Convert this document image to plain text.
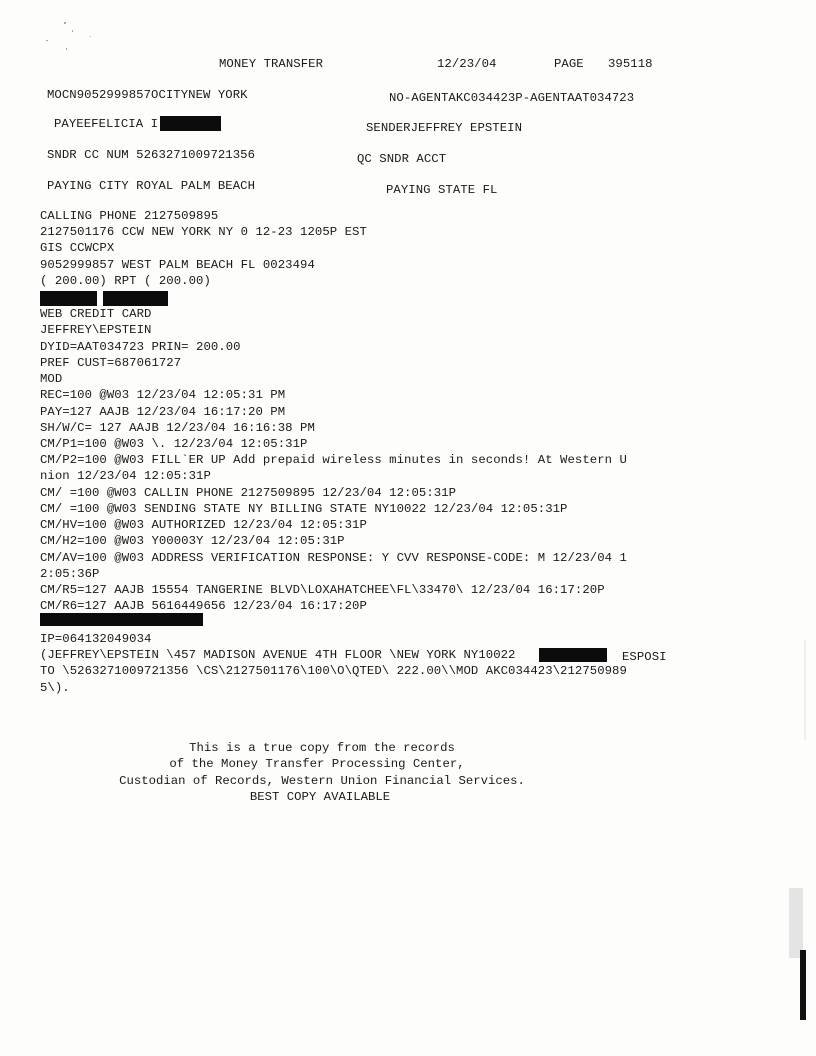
MONEY TRANSFER	12/23/04	PAGE 395118
MOCN9052999857OCITYNEW YORK	NO-AGENTAKC034423P-AGENTAAT034723
PAYEEFELICIA I	SENDERJEFFREY EPSTEIN
SNDR CC NUM 5263271009721356	QC SNDR ACCT
PAYING CITY ROYAL PALM BEACH	PAYING STATE FL
CALLING PHONE 2127509895
2127501176 CCW NEW YORK NY 0 12-23 1205P EST
GIS CCWCPX
9052999857 WEST PALM BEACH FL 0023494
( 200.00) RPT ( 200.00)
WEB CREDIT CARD
JEFFREY\EPSTEIN
DYID=AAT034723 PRIN= 200.00
PREF CUST=687061727
MOD
REC=100 @W03 12/23/04 12:05:31 PM
PAY=127 AAJB 12/23/04 16:17:20 PM
SH/W/C= 127 AAJB 12/23/04 16:16:38 PM
CM/P1=100 @W03 \. 12/23/04 12:05:31P
CM/P2=100 @W03 FILL`ER UP Add prepaid wireless minutes in seconds! At Western U
nion 12/23/04 12:05:31P
CM/ =100 @W03 CALLIN PHONE 2127509895 12/23/04 12:05:31P
CM/ =100 @W03 SENDING STATE NY BILLING STATE NY10022 12/23/04 12:05:31P
CM/HV=100 @W03 AUTHORIZED 12/23/04 12:05:31P
CM/H2=100 @W03 Y00003Y 12/23/04 12:05:31P
CM/AV=100 @W03 ADDRESS VERIFICATION RESPONSE: Y CVV RESPONSE-CODE: M 12/23/04 1
2:05:36P
CM/R5=127 AAJB 15554 TANGERINE BLVD\LOXAHATCHEE\FL\33470\ 12/23/04 16:17:20P
CM/R6=127 AAJB 5616449656 12/23/04 16:17:20P
IP=064132049034
(JEFFREY\EPSTEIN \457 MADISON AVENUE 4TH FLOOR \NEW YORK NY10022	ESPOSI
TO \5263271009721356 \CS\2127501176\100\O\QTED\ 222.00\\MOD AKC034423\212750989
5\).
This is a true copy from the records
of the Money Transfer Processing Center,
Custodian of Records, Western Union Financial Services.
BEST COPY AVAILABLE
